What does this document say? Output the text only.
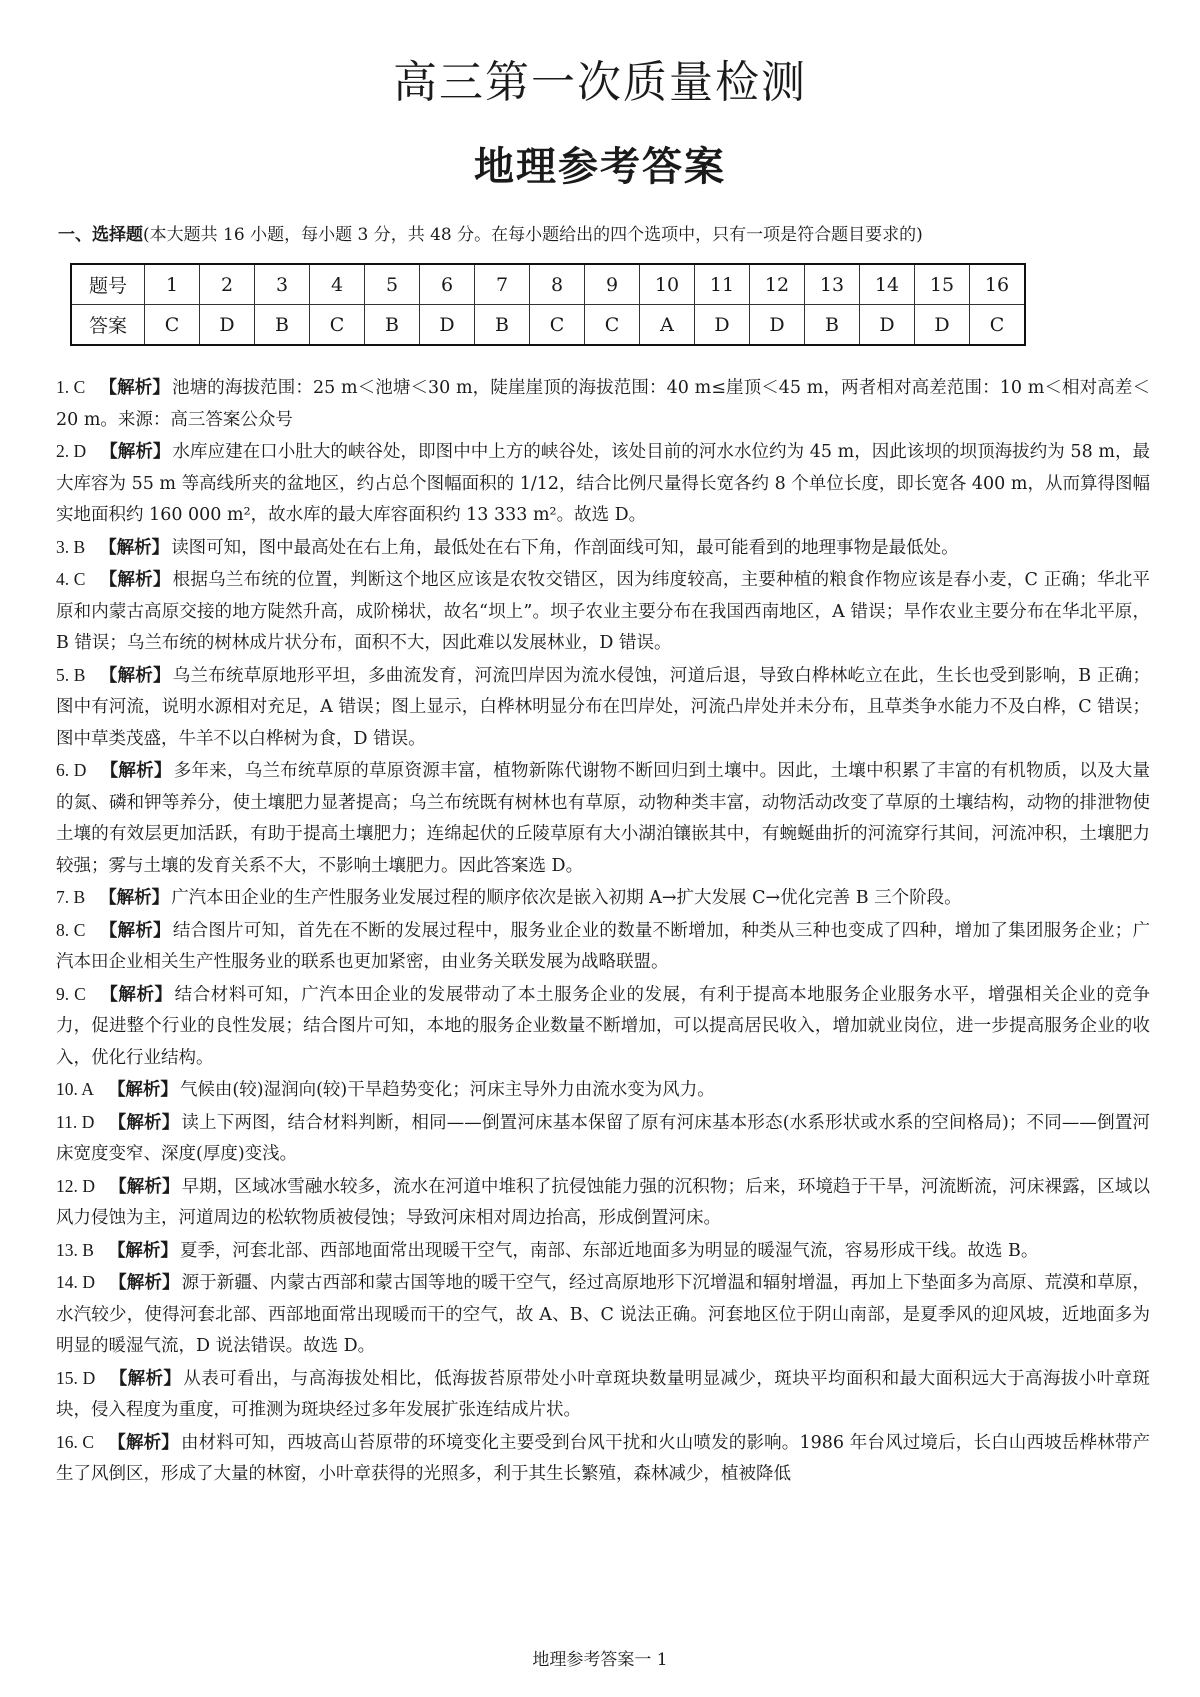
高三第一次质量检测
地理参考答案
一、选择题(本大题共 16 小题，每小题 3 分，共 48 分。在每小题给出的四个选项中，只有一项是符合题目要求的)
题号	1	2	3	4	5	6	7	8	9	10	11	12	13	14	15	16
答案	C	D	B	C	B	D	B	C	C	A	D	D	B	D	D	C

1. C 【解析】 池塘的海拔范围：25 m＜池塘＜30 m，陡崖崖顶的海拔范围：40 m≤崖顶＜45 m，两者相对高差范围：10 m＜相对高差＜20 m。来源：高三答案公众号

2. D 【解析】 水库应建在口小肚大的峡谷处，即图中中上方的峡谷处，该处目前的河水水位约为 45 m，因此该坝的坝顶海拔约为 58 m，最大库容为 55 m 等高线所夹的盆地区，约占总个图幅面积的 1/12，结合比例尺量得长宽各约 8 个单位长度，即长宽各 400 m，从而算得图幅实地面积约 160 000 m²，故水库的最大库容面积约 13 333 m²。故选 D。

3. B 【解析】 读图可知，图中最高处在右上角，最低处在右下角，作剖面线可知，最可能看到的地理事物是最低处。

4. C 【解析】 根据乌兰布统的位置，判断这个地区应该是农牧交错区，因为纬度较高，主要种植的粮食作物应该是春小麦，C 正确；华北平原和内蒙古高原交接的地方陡然升高，成阶梯状，故名“坝上”。坝子农业主要分布在我国西南地区，A 错误；旱作农业主要分布在华北平原，B 错误；乌兰布统的树林成片状分布，面积不大，因此难以发展林业，D 错误。

5. B 【解析】 乌兰布统草原地形平坦，多曲流发育，河流凹岸因为流水侵蚀，河道后退，导致白桦林屹立在此，生长也受到影响，B 正确；图中有河流，说明水源相对充足，A 错误；图上显示，白桦林明显分布在凹岸处，河流凸岸处并未分布，且草类争水能力不及白桦，C 错误；图中草类茂盛，牛羊不以白桦树为食，D 错误。

6. D 【解析】 多年来，乌兰布统草原的草原资源丰富，植物新陈代谢物不断回归到土壤中。因此，土壤中积累了丰富的有机物质，以及大量的氮、磷和钾等养分，使土壤肥力显著提高；乌兰布统既有树林也有草原，动物种类丰富，动物活动改变了草原的土壤结构，动物的排泄物使土壤的有效层更加活跃，有助于提高土壤肥力；连绵起伏的丘陵草原有大小湖泊镶嵌其中，有蜿蜒曲折的河流穿行其间，河流冲积，土壤肥力较强；雾与土壤的发育关系不大，不影响土壤肥力。因此答案选 D。

7. B 【解析】 广汽本田企业的生产性服务业发展过程的顺序依次是嵌入初期 A→扩大发展 C→优化完善 B 三个阶段。

8. C 【解析】 结合图片可知，首先在不断的发展过程中，服务业企业的数量不断增加，种类从三种也变成了四种，增加了集团服务企业；广汽本田企业相关生产性服务业的联系也更加紧密，由业务关联发展为战略联盟。

9. C 【解析】 结合材料可知，广汽本田企业的发展带动了本土服务企业的发展，有利于提高本地服务企业服务水平，增强相关企业的竞争力，促进整个行业的良性发展；结合图片可知，本地的服务企业数量不断增加，可以提高居民收入，增加就业岗位，进一步提高服务企业的收入，优化行业结构。

10. A 【解析】 气候由(较)湿润向(较)干旱趋势变化；河床主导外力由流水变为风力。

11. D 【解析】 读上下两图，结合材料判断，相同——倒置河床基本保留了原有河床基本形态(水系形状或水系的空间格局)；不同——倒置河床宽度变窄、深度(厚度)变浅。

12. D 【解析】 早期，区域冰雪融水较多，流水在河道中堆积了抗侵蚀能力强的沉积物；后来，环境趋于干旱，河流断流，河床裸露，区域以风力侵蚀为主，河道周边的松软物质被侵蚀；导致河床相对周边抬高，形成倒置河床。

13. B 【解析】 夏季，河套北部、西部地面常出现暖干空气，南部、东部近地面多为明显的暖湿气流，容易形成干线。故选 B。

14. D 【解析】 源于新疆、内蒙古西部和蒙古国等地的暖干空气，经过高原地形下沉增温和辐射增温，再加上下垫面多为高原、荒漠和草原，水汽较少，使得河套北部、西部地面常出现暖而干的空气，故 A、B、C 说法正确。河套地区位于阴山南部，是夏季风的迎风坡，近地面多为明显的暖湿气流，D 说法错误。故选 D。

15. D 【解析】 从表可看出，与高海拔处相比，低海拔苔原带处小叶章斑块数量明显减少，斑块平均面积和最大面积远大于高海拔小叶章斑块，侵入程度为重度，可推测为斑块经过多年发展扩张连结成片状。

16. C 【解析】 由材料可知，西坡高山苔原带的环境变化主要受到台风干扰和火山喷发的影响。1986 年台风过境后，长白山西坡岳桦林带产生了风倒区，形成了大量的林窗，小叶章获得的光照多，利于其生长繁殖，森林减少，植被降低

地理参考答案一 1
